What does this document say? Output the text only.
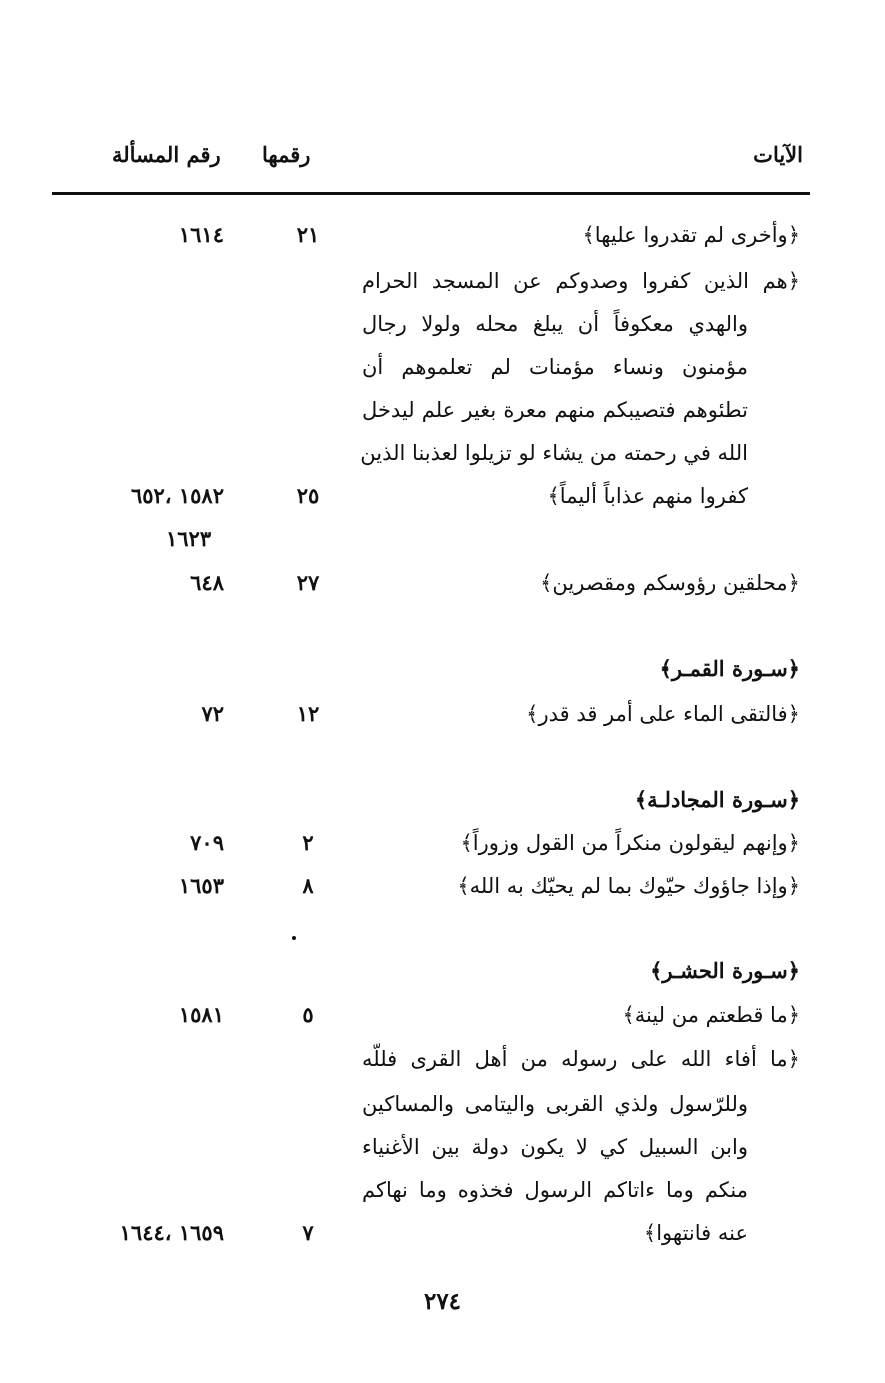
الآيات
رقمها
رقم المسألة
﴿وأخرى لم تقدروا عليها﴾
٢١
١٦١٤
﴿هم الذين كفروا وصدوكم عن المسجد الحرام
والهدي معكوفاً أن يبلغ محله ولولا رجال
مؤمنون ونساء مؤمنات لم تعلموهم أن
تطئوهم فتصيبكم منهم معرة بغير علم ليدخل
الله في رحمته من يشاء لو تزيلوا لعذبنا الذين
كفروا منهم عذاباً أليماً﴾
٢٥
١٥٨٢ ،٦٥٢
١٦٢٣
﴿محلقين رؤوسكم ومقصرين﴾
٢٧
٦٤٨
﴿سـورة القمـر﴾
﴿فالتقى الماء على أمر قد قدر﴾
١٢
٧٢
﴿سـورة المجادلـة﴾
﴿وإنهم ليقولون منكراً من القول وزوراً﴾
٢
٧٠٩
﴿وإذا جاؤوك حيّوك بما لم يحيّك به الله﴾
٨
١٦٥٣
﴿سـورة الحشـر﴾
﴿ما قطعتم من لينة﴾
٥
١٥٨١
﴿ما أفاء الله على رسوله من أهل القرى فللّه
وللرّسول ولذي القربى واليتامى والمساكين
وابن السبيل كي لا يكون دولة بين الأغنياء
منكم وما ءاتاكم الرسول فخذوه وما نهاكم
عنه فانتهوا﴾
٧
١٦٥٩ ،١٦٤٤
٢٧٤
